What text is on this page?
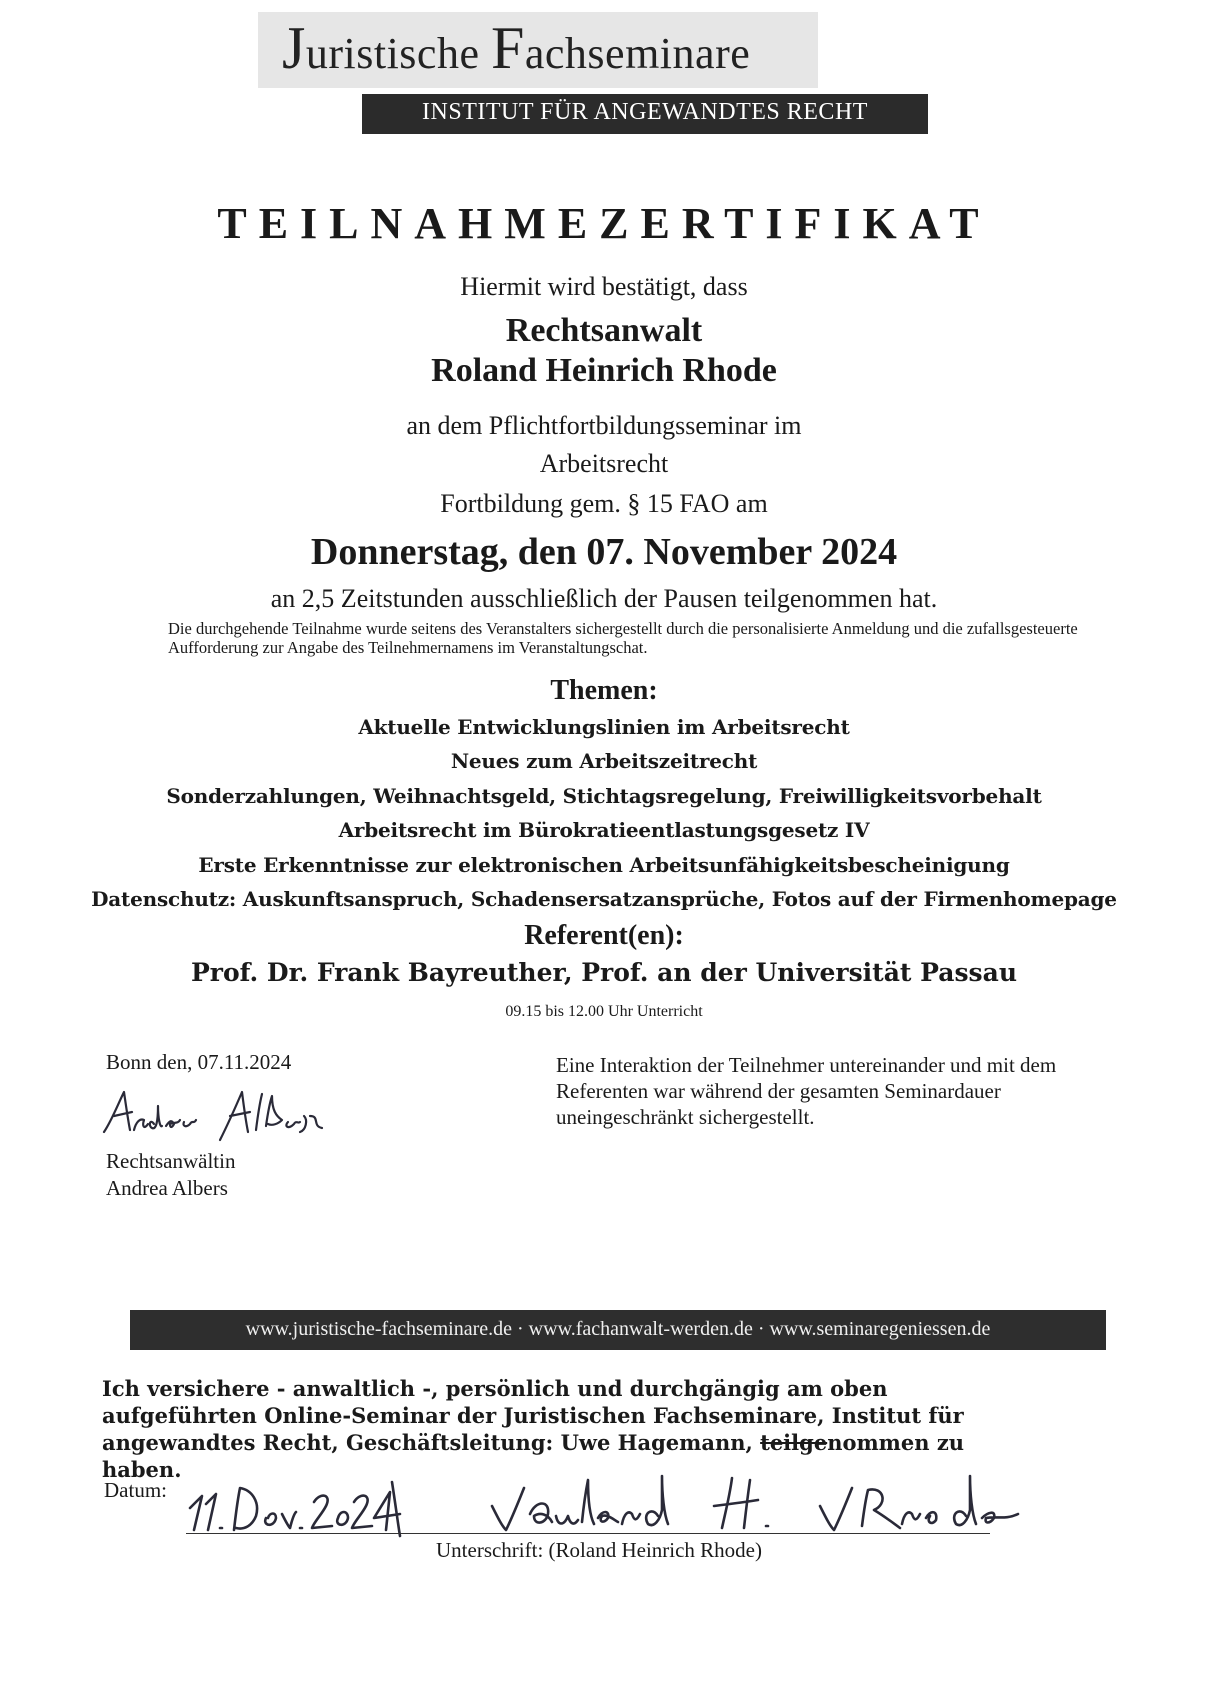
Juristische Fachseminare
INSTITUT FÜR ANGEWANDTES RECHT
TEILNAHMEZERTIFIKAT
Hiermit wird bestätigt, dass
Rechtsanwalt
Roland Heinrich Rhode
an dem Pflichtfortbildungsseminar im
Arbeitsrecht
Fortbildung gem. § 15 FAO am
Donnerstag, den 07. November 2024
an 2,5 Zeitstunden ausschließlich der Pausen teilgenommen hat.
Die durchgehende Teilnahme wurde seitens des Veranstalters sichergestellt durch die personalisierte Anmeldung und die zufallsgesteuerte Aufforderung zur Angabe des Teilnehmernamens im Veranstaltungschat.
Themen:
Aktuelle Entwicklungslinien im Arbeitsrecht
Neues zum Arbeitszeitrecht
Sonderzahlungen, Weihnachtsgeld, Stichtagsregelung, Freiwilligkeitsvorbehalt
Arbeitsrecht im Bürokratieentlastungsgesetz IV
Erste Erkenntnisse zur elektronischen Arbeitsunfähigkeitsbescheinigung
Datenschutz: Auskunftsanspruch, Schadensersatzansprüche, Fotos auf der Firmenhomepage
Referent(en):
Prof. Dr. Frank Bayreuther, Prof. an der Universität Passau
09.15 bis 12.00 Uhr Unterricht
Bonn den, 07.11.2024
Andrea Albers
Rechtsanwältin
Andrea Albers
Eine Interaktion der Teilnehmer untereinander und mit dem Referenten war während der gesamten Seminardauer uneingeschränkt sichergestellt.
www.juristische-fachseminare.de · www.fachanwalt-werden.de · www.seminaregeniessen.de
Ich versichere - anwaltlich -, persönlich und durchgängig am oben aufgeführten Online-Seminar der Juristischen Fachseminare, Institut für angewandtes Recht, Geschäftsleitung: Uwe Hagemann, teilgenommen zu haben.
Datum:
11. Nov. 2024
Roland H. Rhode
Unterschrift: (Roland Heinrich Rhode)
